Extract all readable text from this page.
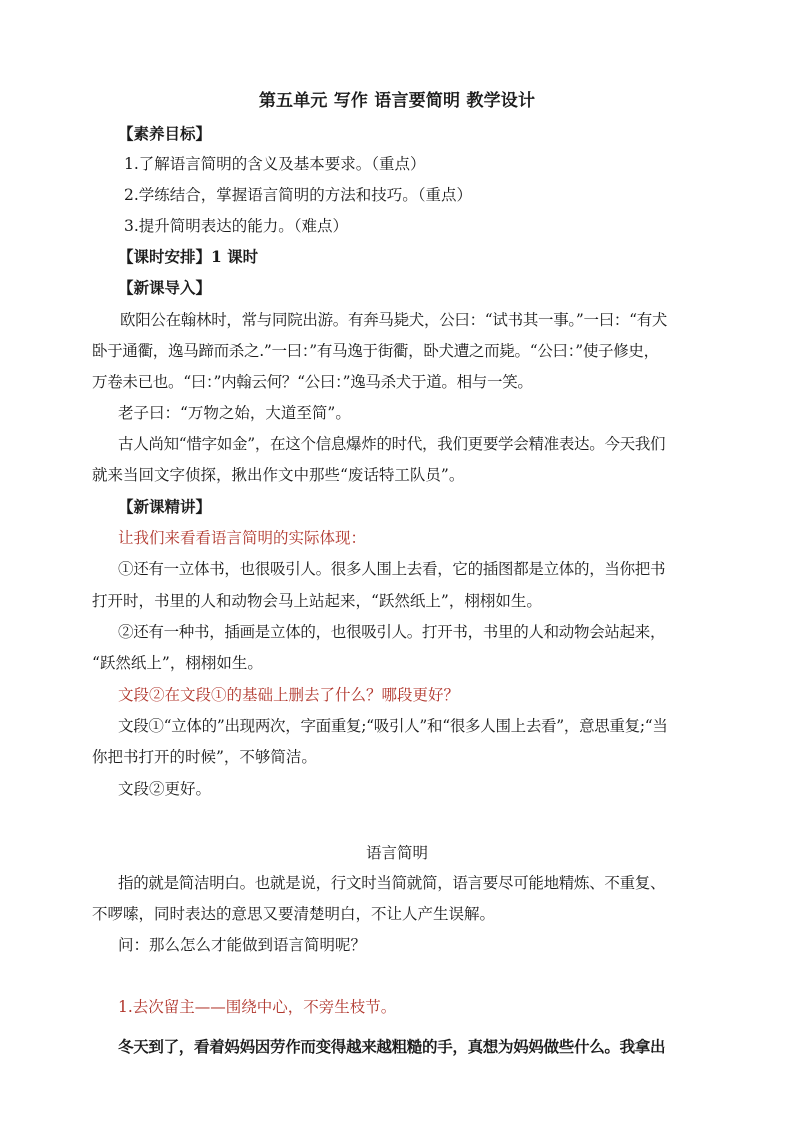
第五单元 写作 语言要简明 教学设计
【素养目标】
1.了解语言简明的含义及基本要求。（重点）
2.学练结合，掌握语言简明的方法和技巧。（重点）
3.提升简明表达的能力。（难点）
【课时安排】1 课时
【新课导入】
欧阳公在翰林时，常与同院出游。有奔马毙犬，公曰：“试书其一事。”一曰：“有犬
卧于通衢，逸马蹄而杀之.”一曰：”有马逸于街衢，卧犬遭之而毙。“公曰：”使子修史，
万卷未已也。“曰：”内翰云何？“公曰：”逸马杀犬于道。相与一笑。
老子曰：“万物之始，大道至简”。
古人尚知“惜字如金”，在这个信息爆炸的时代，我们更要学会精准表达。今天我们
就来当回文字侦探，揪出作文中那些“废话特工队员”。
【新课精讲】
让我们来看看语言简明的实际体现：
①还有一立体书，也很吸引人。很多人围上去看，它的插图都是立体的，当你把书
打开时，书里的人和动物会马上站起来，“跃然纸上”，栩栩如生。
②还有一种书，插画是立体的，也很吸引人。打开书，书里的人和动物会站起来，
“跃然纸上”，栩栩如生。
文段②在文段①的基础上删去了什么？哪段更好？
文段①“立体的”出现两次，字面重复;“吸引人”和“很多人围上去看”，意思重复;“当
你把书打开的时候”，不够简洁。
文段②更好。
语言简明
指的就是简洁明白。也就是说，行文时当简就简，语言要尽可能地精炼、不重复、
不啰嗦，同时表达的意思又要清楚明白，不让人产生误解。
问：那么怎么才能做到语言简明呢？
1.去次留主——围绕中心，不旁生枝节。
冬天到了，看着妈妈因劳作而变得越来越粗糙的手，真想为妈妈做些什么。我拿出
